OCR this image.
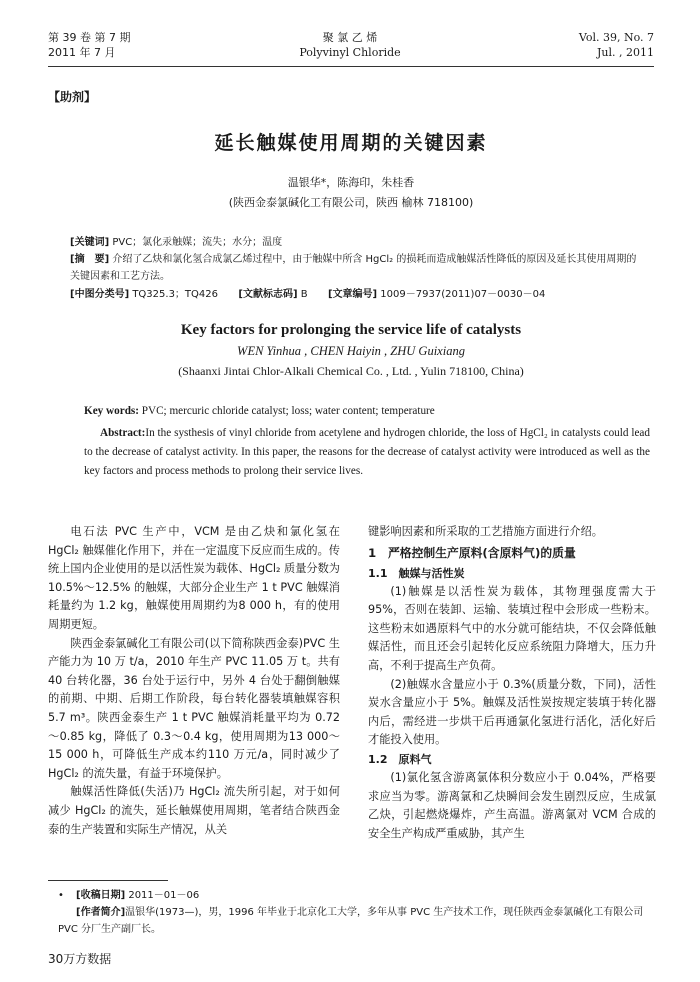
第 39 卷 第 7 期
2011 年 7 月
聚 氯 乙 烯
Polyvinyl Chloride
Vol. 39, No. 7
Jul. , 2011
【助剂】
延长触媒使用周期的关键因素
温银华*，陈海印，朱桂香
(陕西金泰氯碱化工有限公司，陕西 榆林 718100)
[关键词] PVC；氯化汞触媒；流失；水分；温度
[摘　要] 介绍了乙炔和氯化氢合成氯乙烯过程中，由于触媒中所含 HgCl₂ 的损耗而造成触媒活性降低的原因及延长其使用周期的关键因素和工艺方法。
[中图分类号] TQ325.3；TQ426 [文献标志码] B [文章编号] 1009－7937(2011)07－0030－04
Key factors for prolonging the service life of catalysts
WEN Yinhua , CHEN Haiyin , ZHU Guixiang
(Shaanxi Jintai Chlor-Alkali Chemical Co. , Ltd. , Yulin 718100, China)
Key words: PVC; mercuric chloride catalyst; loss; water content; temperature
Abstract:In the systhesis of vinyl chloride from acetylene and hydrogen chloride, the loss of HgCl₂ in catalysts could lead to the decrease of catalyst activity. In this paper, the reasons for the decrease of catalyst activity were introduced as well as the key factors and process methods to prolong their service lives.

电石法 PVC 生产中，VCM 是由乙炔和氯化氢在 HgCl₂ 触媒催化作用下，并在一定温度下反应而生成的。传统上国内企业使用的是以活性炭为载体、HgCl₂ 质量分数为 10.5%～12.5% 的触媒，大部分企业生产 1 t PVC 触媒消耗量约为 1.2 kg，触媒使用周期约为8 000 h，有的使用周期更短。

陕西金泰氯碱化工有限公司(以下简称陕西金泰)PVC 生产能力为 10 万 t/a，2010 年生产 PVC 11.05 万 t。共有 40 台转化器，36 台处于运行中，另外 4 台处于翻倒触媒的前期、中期、后期工作阶段，每台转化器装填触媒容积 5.7 m³。陕西金泰生产 1 t PVC 触媒消耗量平均为 0.72～0.85 kg，降低了 0.3～0.4 kg，使用周期为13 000～15 000 h，可降低生产成本约110 万元/a，同时减少了 HgCl₂ 的流失量，有益于环境保护。

触媒活性降低(失活)乃 HgCl₂ 流失所引起，对于如何减少 HgCl₂ 的流失，延长触媒使用周期，笔者结合陕西金泰的生产装置和实际生产情况，从关

键影响因素和所采取的工艺措施方面进行介绍。

1　严格控制生产原料(含原料气)的质量
1.1　触媒与活性炭

(1)触媒是以活性炭为载体，其物理强度需大于 95%，否则在装卸、运输、装填过程中会形成一些粉末。这些粉末如遇原料气中的水分就可能结块，不仅会降低触媒活性，而且还会引起转化反应系统阻力降增大，压力升高，不利于提高生产负荷。

(2)触媒水含量应小于 0.3%(质量分数，下同)，活性炭水含量应小于 5%。触媒及活性炭按规定装填于转化器内后，需经进一步烘干后再通氯化氢进行活化，活化好后才能投入使用。

1.2　原料气

(1)氯化氢含游离氯体积分数应小于 0.04%，严格要求应当为零。游离氯和乙炔瞬间会发生剧烈反应，生成氯乙炔，引起燃烧爆炸，产生高温。游离氯对 VCM 合成的安全生产构成严重威胁，其产生

• [收稿日期] 2011－01－06
[作者简介]温银华(1973—)，男，1996 年毕业于北京化工大学，多年从事 PVC 生产技术工作，现任陕西金泰氯碱化工有限公司 PVC 分厂生产副厂长。
30万方数据
